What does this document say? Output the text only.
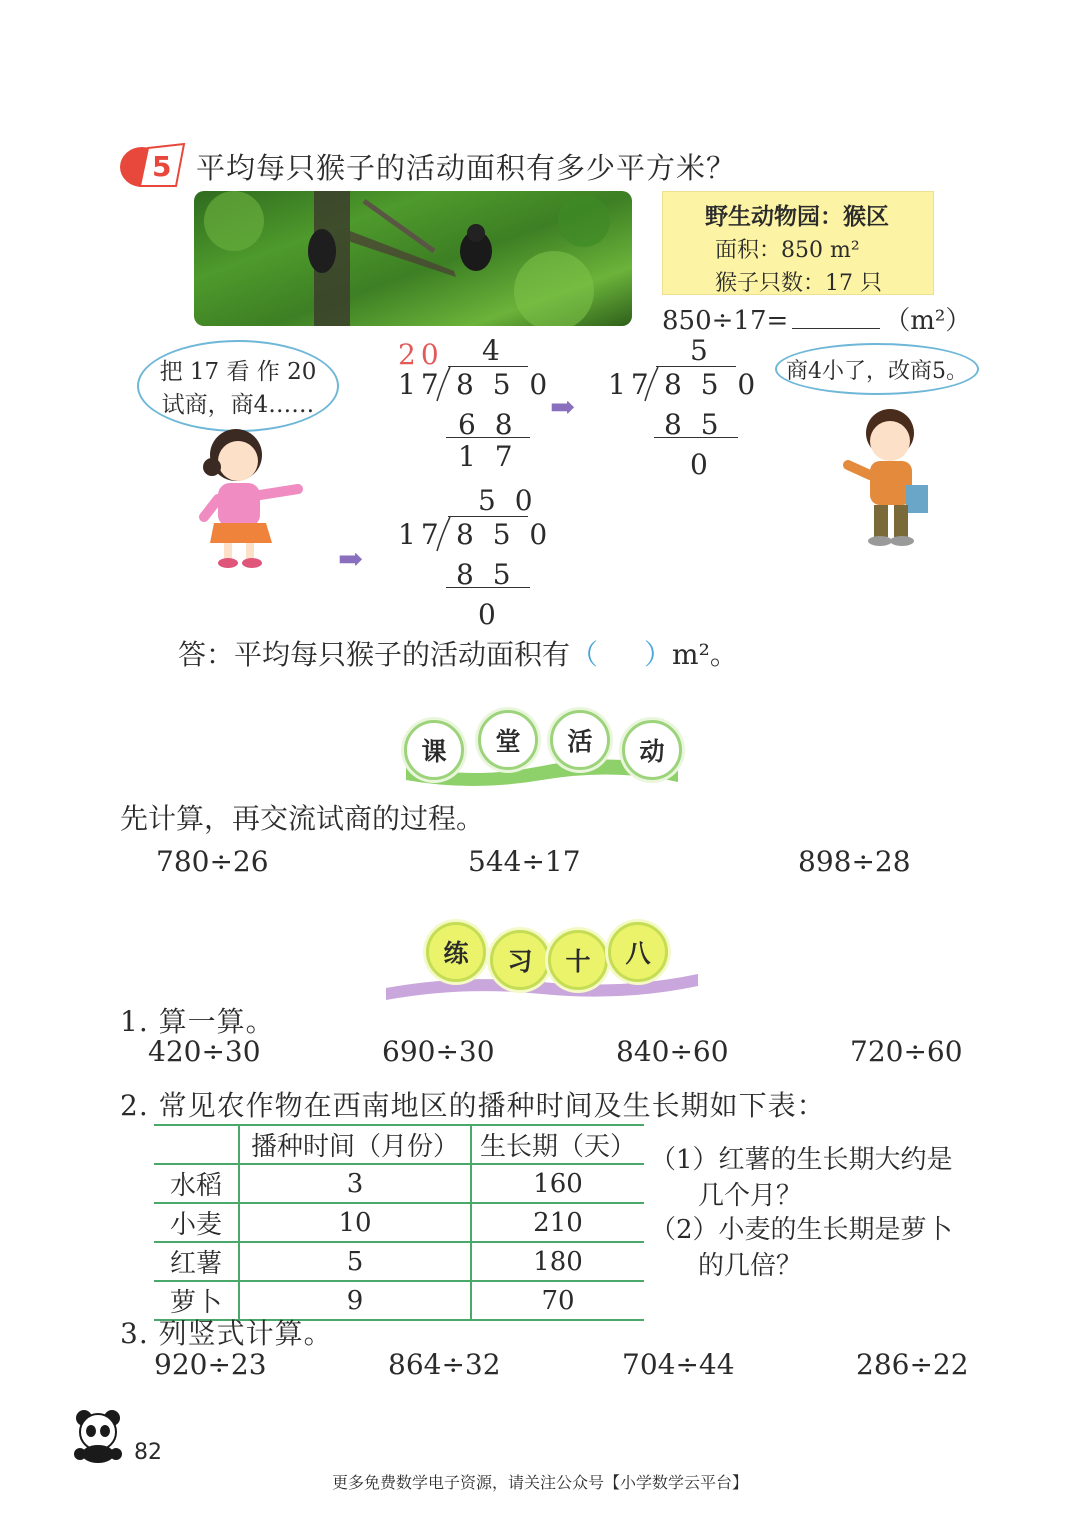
5 平均每只猴子的活动面积有多少平方米？
野生动物园：猴区
面积：850 m²
猴子只数：17 只
850÷17=	（m²）
把 17 看 作 20
试商，商4……
20 4
17 8 5 0
6 8
1 7
➡
5
17 8 5 0
8 5
0
商4小了，改商5。
➡
5 0
17 8 5 0
8 5
0
答：平均每只猴子的活动面积有（ ）m²。
课	堂	活	动
先计算，再交流试商的过程。
780÷26	544÷17	898÷28
练	习	十	八
1. 算一算。
420÷30	690÷30	840÷60	720÷60
2. 常见农作物在西南地区的播种时间及生长期如下表：
	播种时间（月份）	生长期（天）
水稻	3	160
小麦	10	210
红薯	5	180
萝卜	9	70
（1）红薯的生长期大约是
几个月？
（2）小麦的生长期是萝卜
的几倍？
3. 列竖式计算。
920÷23	864÷32	704÷44	286÷22
82
更多免费数学电子资源，请关注公众号【小学数学云平台】
